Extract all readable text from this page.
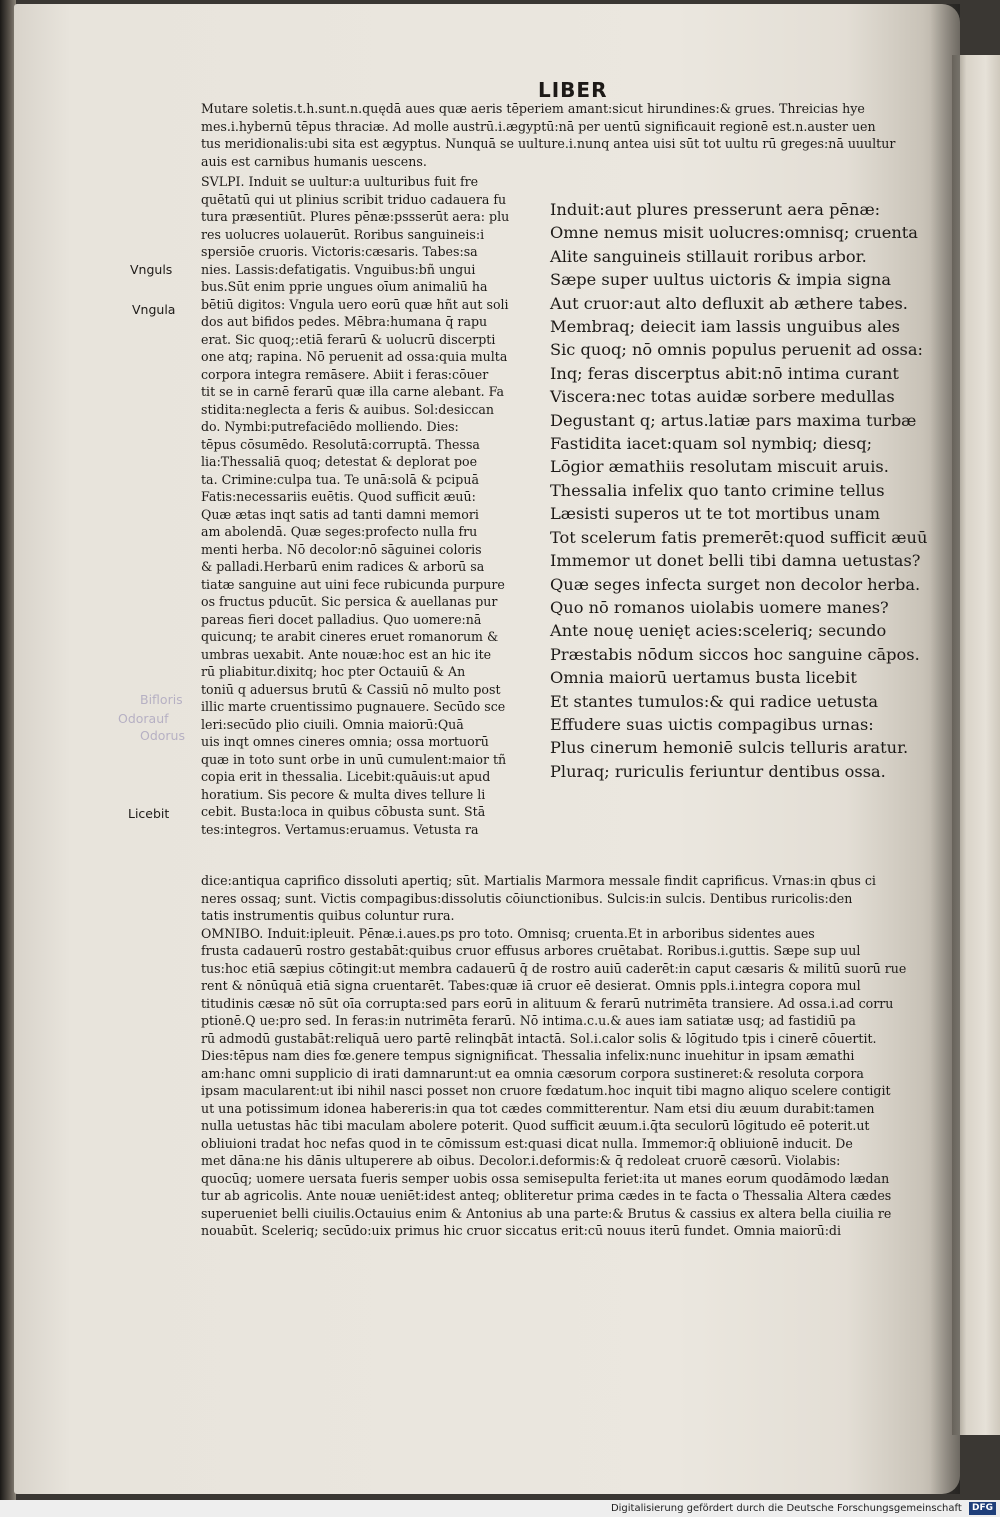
LIBER
Mutare soletis.t.h.sunt.n.quędā aues quæ aeris tēperiem amant:sicut hirundines:& grues. Threicias hye
mes.i.hybernū tēpus thraciæ. Ad molle austrū.i.ægyptū:nā per uentū significauit regionē est.n.auster uen
tus meridionalis:ubi sita est ægyptus. Nunquā se uulture.i.nunq antea uisi sūt tot uultu rū greges:nā uuultur
auis est carnibus humanis uescens.
SVLPI. Induit se uultur:a uulturibus fuit fre
quētatū qui ut plinius scribit triduo cadauera fu
tura præsentiūt. Plures pēnæ:pssserūt aera: plu
res uolucres uolauerūt. Roribus sanguineis:i
spersiōe cruoris. Victoris:cæsaris. Tabes:sa
nies. Lassis:defatigatis. Vnguibus:bñ ungui
bus.Sūt enim pprie ungues oīum animaliū ha
bētiū digitos: Vngula uero eorū quæ hñt aut soli
dos aut bifidos pedes. Mēbra:humana q̄ rapu
erat. Sic quoq;:etiā ferarū & uolucrū discerpti
one atq; rapina. Nō peruenit ad ossa:quia multa
corpora integra remāsere. Abiit i feras:cōuer
tit se in carnē ferarū quæ illa carne alebant. Fa
stidita:neglecta a feris & auibus. Sol:desiccan
do. Nymbi:putrefaciēdo molliendo. Dies:
tēpus cōsumēdo. Resolutā:corruptā. Thessa
lia:Thessaliā quoq; detestat & deplorat poe
ta. Crimine:culpa tua. Te unā:solā & pcipuā
Fatis:necessariis euētis. Quod sufficit æuū:
Quæ ætas inqt satis ad tanti damni memori
am abolendā. Quæ seges:profecto nulla fru
menti herba. Nō decolor:nō sāguinei coloris
& palladi.Herbarū enim radices & arborū sa
tiatæ sanguine aut uini fece rubicunda purpure
os fructus pducūt. Sic persica & auellanas pur
pareas fieri docet palladius. Quo uomere:nā
quicunq; te arabit cineres eruet romanorum &
umbras uexabit. Ante nouæ:hoc est an hic ite
rū pliabitur.dixitq; hoc pter Octauiū & An
toniū q aduersus brutū & Cassiū nō multo post
illic marte cruentissimo pugnauere. Secūdo sce
leri:secūdo plio ciuili. Omnia maiorū:Quā
uis inqt omnes cineres omnia; ossa mortuorū
quæ in toto sunt orbe in unū cumulent:maior tñ
copia erit in thessalia. Licebit:quāuis:ut apud
horatium. Sis pecore & multa dives tellure li
cebit. Busta:loca in quibus cōbusta sunt. Stā
tes:integros. Vertamus:eruamus. Vetusta ra
Induit:aut plures presserunt aera pēnæ:
Omne nemus misit uolucres:omnisq; cruenta
Alite sanguineis stillauit roribus arbor.
Sæpe super uultus uictoris & impia signa
Aut cruor:aut alto defluxit ab æthere tabes.
Membraq; deiecit iam lassis unguibus ales
Sic quoq; nō omnis populus peruenit ad ossa:
Inq; feras discerptus abit:nō intima curant
Viscera:nec totas auidæ sorbere medullas
Degustant q; artus.latiæ pars maxima turbæ
Fastidita iacet:quam sol nymbiq; diesq;
Lōgior æmathiis resolutam miscuit aruis.
Thessalia infelix quo tanto crimine tellus
Læsisti superos ut te tot mortibus unam
Tot scelerum fatis premerēt:quod sufficit æuū
Immemor ut donet belli tibi damna uetustas?
Quæ seges infecta surget non decolor herba.
Quo nō romanos uiolabis uomere manes?
Ante nouę uenięt acies:sceleriq; secundo
Præstabis nōdum siccos hoc sanguine cāpos.
Omnia maiorū uertamus busta licebit
Et stantes tumulos:& qui radice uetusta
Effudere suas uictis compagibus urnas:
Plus cinerum hemoniē sulcis telluris aratur.
Pluraq; ruriculis feriuntur dentibus ossa.
dice:antiqua caprifico dissoluti apertiq; sūt. Martialis Marmora messale findit caprificus. Vrnas:in qbus ci
neres ossaq; sunt. Victis compagibus:dissolutis cōiunctionibus. Sulcis:in sulcis. Dentibus ruricolis:den
tatis instrumentis quibus coluntur rura.
OMNIBO. Induit:ipleuit. Pēnæ.i.aues.ps pro toto. Omnisq; cruenta.Et in arboribus sidentes aues
frusta cadauerū rostro gestabāt:quibus cruor effusus arbores cruētabat. Roribus.i.guttis. Sæpe sup uul
tus:hoc etiā sæpius cōtingit:ut membra cadauerū q̄ de rostro auiū caderēt:in caput cæsaris & militū suorū rue
rent & nōnūquā etiā signa cruentarēt. Tabes:quæ iā cruor eē desierat. Omnis ppls.i.integra copora mul
titudinis cæsæ nō sūt oīa corrupta:sed pars eorū in alituum & ferarū nutrimēta transiere. Ad ossa.i.ad corru
ptionē.Q ue:pro sed. In feras:in nutrimēta ferarū. Nō intima.c.u.& aues iam satiatæ usq; ad fastidiū pa
rū admodū gustabāt:reliquā uero partē relinqbāt intactā. Sol.i.calor solis & lōgitudo tpis i cinerē cōuertit.
Dies:tēpus nam dies fœ.genere tempus signignificat. Thessalia infelix:nunc inuehitur in ipsam æmathi
am:hanc omni supplicio di irati damnarunt:ut ea omnia cæsorum corpora sustineret:& resoluta corpora
ipsam macularent:ut ibi nihil nasci posset non cruore fœdatum.hoc inquit tibi magno aliquo scelere contigit
ut una potissimum idonea habereris:in qua tot cædes committerentur. Nam etsi diu æuum durabit:tamen
nulla uetustas hāc tibi maculam abolere poterit. Quod sufficit æuum.i.q̄ta seculorū lōgitudo eē poterit.ut
obliuioni tradat hoc nefas quod in te cōmissum est:quasi dicat nulla. Immemor:q̄ obliuionē inducit. De
met dāna:ne his dānis ultuperere ab oibus. Decolor.i.deformis:& q̄ redoleat cruorē cæsorū. Violabis:
quocūq; uomere uersata fueris semper uobis ossa semisepulta feriet:ita ut manes eorum quodāmodo lædan
tur ab agricolis. Ante nouæ ueniēt:idest anteq; obliteretur prima cædes in te facta o Thessalia Altera cædes
superueniet belli ciuilis.Octauius enim & Antonius ab una parte:& Brutus & cassius ex altera bella ciuilia re
nouabūt. Sceleriq; secūdo:uix primus hic cruor siccatus erit:cū nouus iterū fundet. Omnia maiorū:di
Vnguls
Vngula
Bifloris
Odorauf
Odorus
Licebit
Digitalisierung gefördert durch die Deutsche Forschungsgemeinschaft DFG
